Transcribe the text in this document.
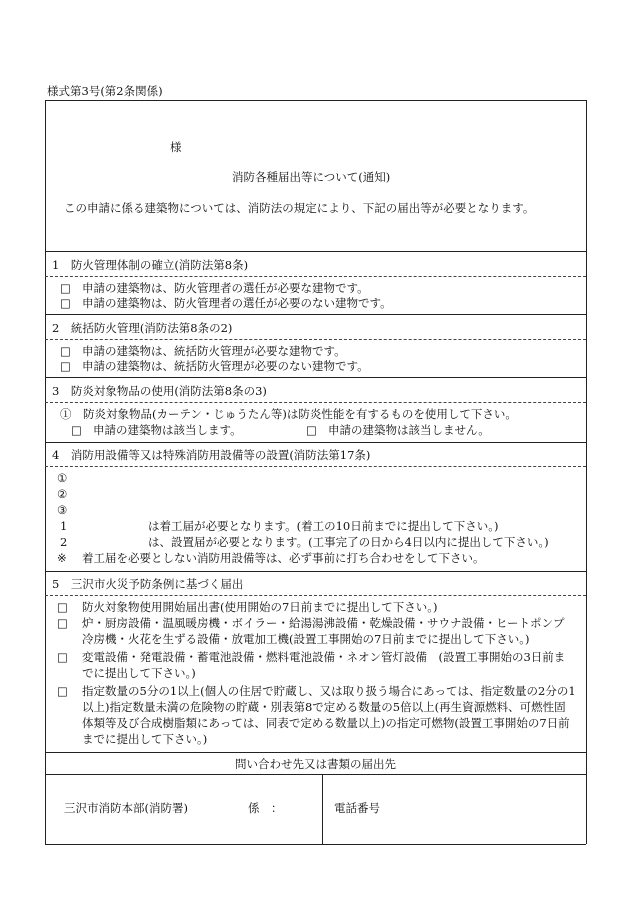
様式第3号(第2条関係)
様
消防各種届出等について(通知)
この申請に係る建築物については、消防法の規定により、下記の届出等が必要となります。
1　防火管理体制の確立(消防法第8条)
□ 申請の建築物は、防火管理者の選任が必要な建物です。
□ 申請の建築物は、防火管理者の選任が必要のない建物です。
2　統括防火管理(消防法第8条の2)
□ 申請の建築物は、統括防火管理が必要な建物です。
□ 申請の建築物は、統括防火管理が必要のない建物です。
3　防炎対象物品の使用(消防法第8条の3)
①　防炎対象物品(カーテン・じゅうたん等)は防炎性能を有するものを使用して下さい。
□ 申請の建築物は該当します。	□ 申請の建築物は該当しません。
4　消防用設備等又は特殊消防用設備等の設置(消防法第17条)
①
②
③
1	は着工届が必要となります。(着工の10日前までに提出して下さい。)
2	は、設置届が必要となります。(工事完了の日から4日以内に提出して下さい。)
※ 着工届を必要としない消防用設備等は、必ず事前に打ち合わせをして下さい。
5　三沢市火災予防条例に基づく届出
□ 防火対象物使用開始届出書(使用開始の7日前までに提出して下さい。)
□ 炉・厨房設備・温風暖房機・ボイラー・給湯湯沸設備・乾燥設備・サウナ設備・ヒートポンプ
冷房機・火花を生ずる設備・放電加工機(設置工事開始の7日前までに提出して下さい。)
□ 変電設備・発電設備・蓄電池設備・燃料電池設備・ネオン管灯設備　(設置工事開始の3日前ま
でに提出して下さい。)
□ 指定数量の5分の1以上(個人の住居で貯蔵し、又は取り扱う場合にあっては、指定数量の2分の1
以上)指定数量未満の危険物の貯蔵・別表第8で定める数量の5倍以上(再生資源燃料、可燃性固
体類等及び合成樹脂類にあっては、同表で定める数量以上)の指定可燃物(設置工事開始の7日前
までに提出して下さい。)
問い合わせ先又は書類の届出先
三沢市消防本部(消防署)	係　：	電話番号
